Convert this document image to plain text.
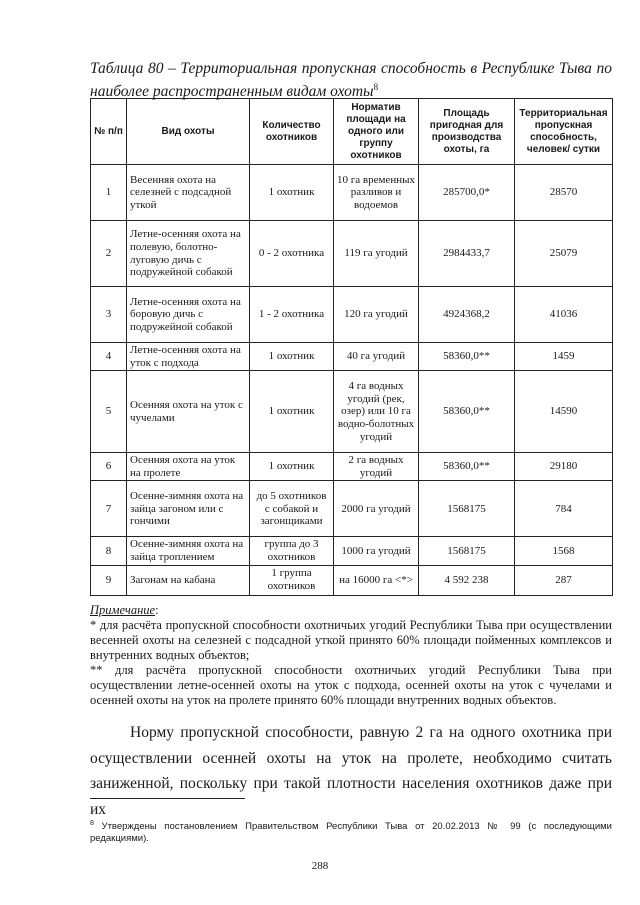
Таблица 80 – Территориальная пропускная способность в Республике Тыва по наиболее распространенным видам охоты$^8$
№ п/п	Вид охоты	Количество охотников	Норматив площади на одного или группу охотников	Площадь пригодная для производства охоты, га	Территориальная пропускная способность, человек/ сутки
1	Весенняя охота на селезней с подсадной уткой	1 охотник	10 га временных разливов и водоемов	285700,0*	28570
2	Летне-осенняя охота на полевую, болотно-луговую дичь с подружейной собакой	0 - 2 охотника	119 га угодий	2984433,7	25079
3	Летне-осенняя охота на боровую дичь с подружейной собакой	1 - 2 охотника	120 га угодий	4924368,2	41036
4	Летне-осенняя охота на уток с подхода	1 охотник	40 га угодий	58360,0**	1459
5	Осенняя охота на уток с чучелами	1 охотник	4 га водных угодий (рек, озер) или 10 га водно-болотных угодий	58360,0**	14590
6	Осенняя охота на уток на пролете	1 охотник	2 га водных угодий	58360,0**	29180
7	Осенне-зимняя охота на зайца загоном или с гончими	до 5 охотников с собакой и загонщиками	2000 га угодий	1568175	784
8	Осенне-зимняя охота на зайца троплением	группа до 3 охотников	1000 га угодий	1568175	1568
9	Загонам на кабана	1 группа охотников	на 16000 га <*>	4 592 238	287

Примечание:

* для расчёта пропускной способности охотничьих угодий Республики Тыва при осуществлении весенней охоты на селезней с подсадной уткой принято 60% площади пойменных комплексов и внутренних водных объектов;

** для расчёта пропускной способности охотничьих угодий Республики Тыва при осуществлении летне-осенней охоты на уток с подхода, осенней охоты на уток с чучелами и осенней охоты на уток на пролете принято 60% площади внутренних водных объектов.

Норму пропускной способности, равную 2 га на одного охотника при осуществлении осенней охоты на уток на пролете, необходимо считать заниженной, поскольку при такой плотности населения охотников даже при их

$^8$ Утверждены постановлением Правительством Республики Тыва от 20.02.2013 № 99 (с последующими редакциями).
288
